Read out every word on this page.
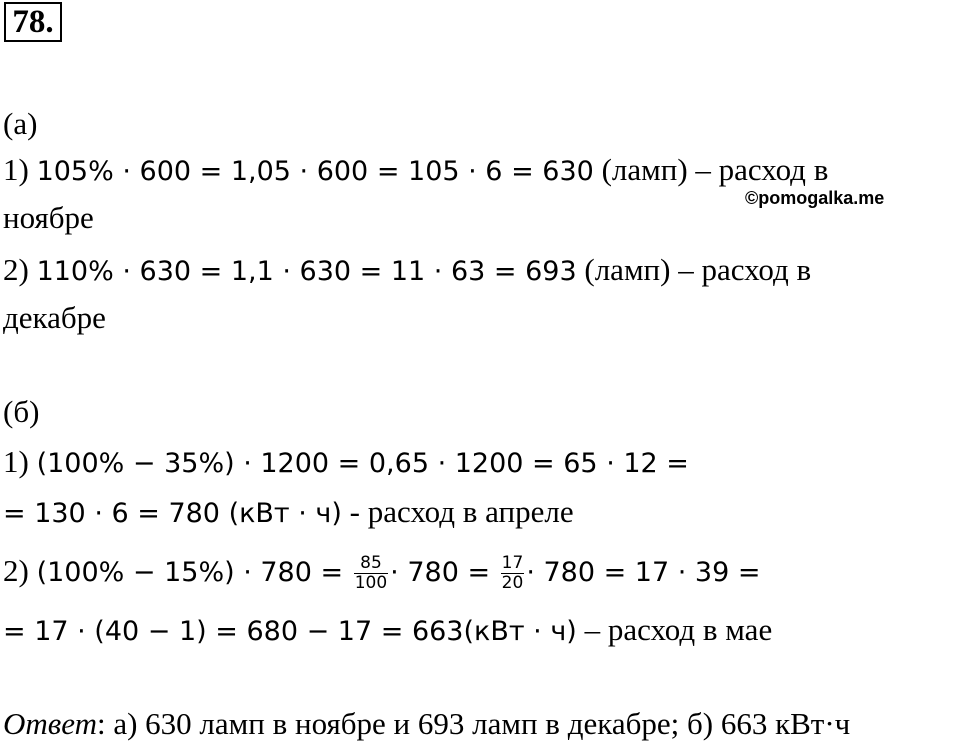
78.
©pomogalka.me
(а)
1) 105% · 600 = 1,05 · 600 = 105 · 6 = 630 (ламп) – расход в
ноябре
2) 110% · 630 = 1,1 · 630 = 11 · 63 = 693 (ламп) – расход в
декабре
(б)
1) (100% − 35%) · 1200 = 0,65 · 1200 = 65 · 12 =
= 130 · 6 = 780 (кВт · ч) - расход в апреле
2) $(100\% - 15\%) \cdot 780 = \frac{85}{100} \cdot 780 = \frac{17}{20} \cdot 780 = 17 \cdot 39$ =
= 17 · (40 − 1) = 680 − 17 = 663(кВт · ч) – расход в мае
Ответ: а) 630 ламп в ноябре и 693 ламп в декабре; б) 663 кВт·ч
